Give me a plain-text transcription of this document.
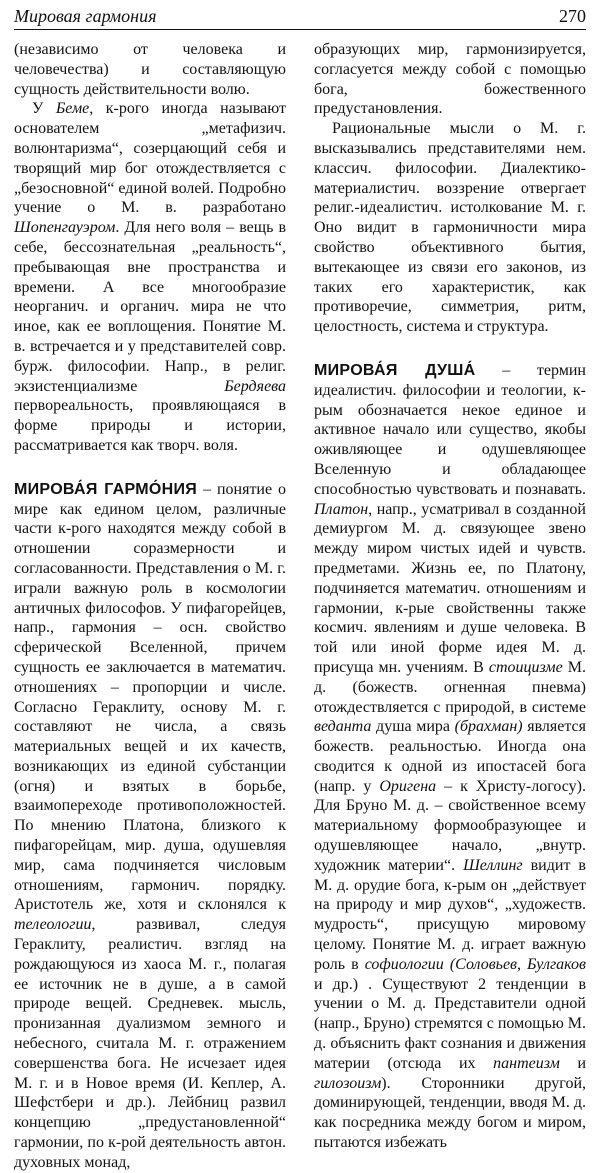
Мировая гармония	270

(независимо от человека и человечества) и составляющую сущность действительности волю.

У Беме, к-рого иногда называют основателем „метафизич. волюнтаризма“, созерцающий себя и творящий мир бог отождествляется с „безосновной“ единой волей. Подробно учение о М. в. разработано Шопенгауэром. Для него воля – вещь в себе, бессознательная „реальность“, пребывающая вне пространства и времени. А все многообразие неорганич. и органич. мира не что иное, как ее воплощения. Понятие М. в. встречается и у представителей совр. бурж. философии. Напр., в религ. экзистенциализме Бердяева первореальность, проявляющаяся в форме природы и истории, рассматривается как творч. воля.

МИРОВА́Я ГАРМО́НИЯ – понятие о мире как едином целом, различные части к-рого находятся между собой в отношении соразмерности и согласованности. Представления о М. г. играли важную роль в космологии античных философов. У пифагорейцев, напр., гармония – осн. свойство сферической Вселенной, причем сущность ее заключается в математич. отношениях – пропорции и числе. Согласно Гераклиту, основу М. г. составляют не числа, а связь материальных вещей и их качеств, возникающих из единой субстанции (огня) и взятых в борьбе, взаимопереходе противоположностей. По мнению Платона, близкого к пифагорейцам, мир. душа, одушевляя мир, сама подчиняется числовым отношениям, гармонич. порядку. Аристотель же, хотя и склонялся к телеологии, развивал, следуя Гераклиту, реалистич. взгляд на рождающуюся из хаоса М. г., полагая ее источник не в душе, а в самой природе вещей. Средневек. мысль, пронизанная дуализмом земного и небесного, считала М. г. отражением совершенства бога. Не исчезает идея М. г. и в Новое время (И. Кеплер, А. Шефстбери и др.). Лейбниц развил концепцию „предустановленной“ гармонии, по к-рой деятельность автон. духовных монад,

образующих мир, гармонизируется, согласуется между собой с помощью бога, божественного предустановления.

Рациональные мысли о М. г. высказывались представителями нем. классич. философии. Диалектико-материалистич. воззрение отвергает религ.-идеалистич. истолкование М. г. Оно видит в гармоничности мира свойство объективного бытия, вытекающее из связи его законов, из таких его характеристик, как противоречие, симметрия, ритм, целостность, система и структура.

МИРОВА́Я ДУША́ – термин идеалистич. философии и теологии, к-рым обозначается некое единое и активное начало или существо, якобы оживляющее и одушевляющее Вселенную и обладающее способностью чувствовать и познавать. Платон, напр., усматривал в созданной демиургом М. д. связующее звено между миром чистых идей и чувств. предметами. Жизнь ее, по Платону, подчиняется математич. отношениям и гармонии, к-рые свойственны также космич. явлениям и душе человека. В той или иной форме идея М. д. присуща мн. учениям. В стоицизме М. д. (божеств. огненная пневма) отождествляется с природой, в системе веданта душа мира (брахман) является божеств. реальностью. Иногда она сводится к одной из ипостасей бога (напр. у Оригена – к Христу-логосу). Для Бруно М. д. – свойственное всему материальному формообразующее и одушевляющее начало, „внутр. художник материи“. Шеллинг видит в М. д. орудие бога, к-рым он „действует на природу и мир духов“, „художеств. мудрость“, присущую мировому целому. Понятие М. д. играет важную роль в софиологии (Соловьев, Булгаков и др.) . Существуют 2 тенденции в учении о М. д. Представители одной (напр., Бруно) стремятся с помощью М. д. объяснить факт сознания и движения материи (отсюда их пантеизм и гилозоизм). Сторонники другой, доминирующей, тенденции, вводя М. д. как посредника между богом и миром, пытаются избежать
